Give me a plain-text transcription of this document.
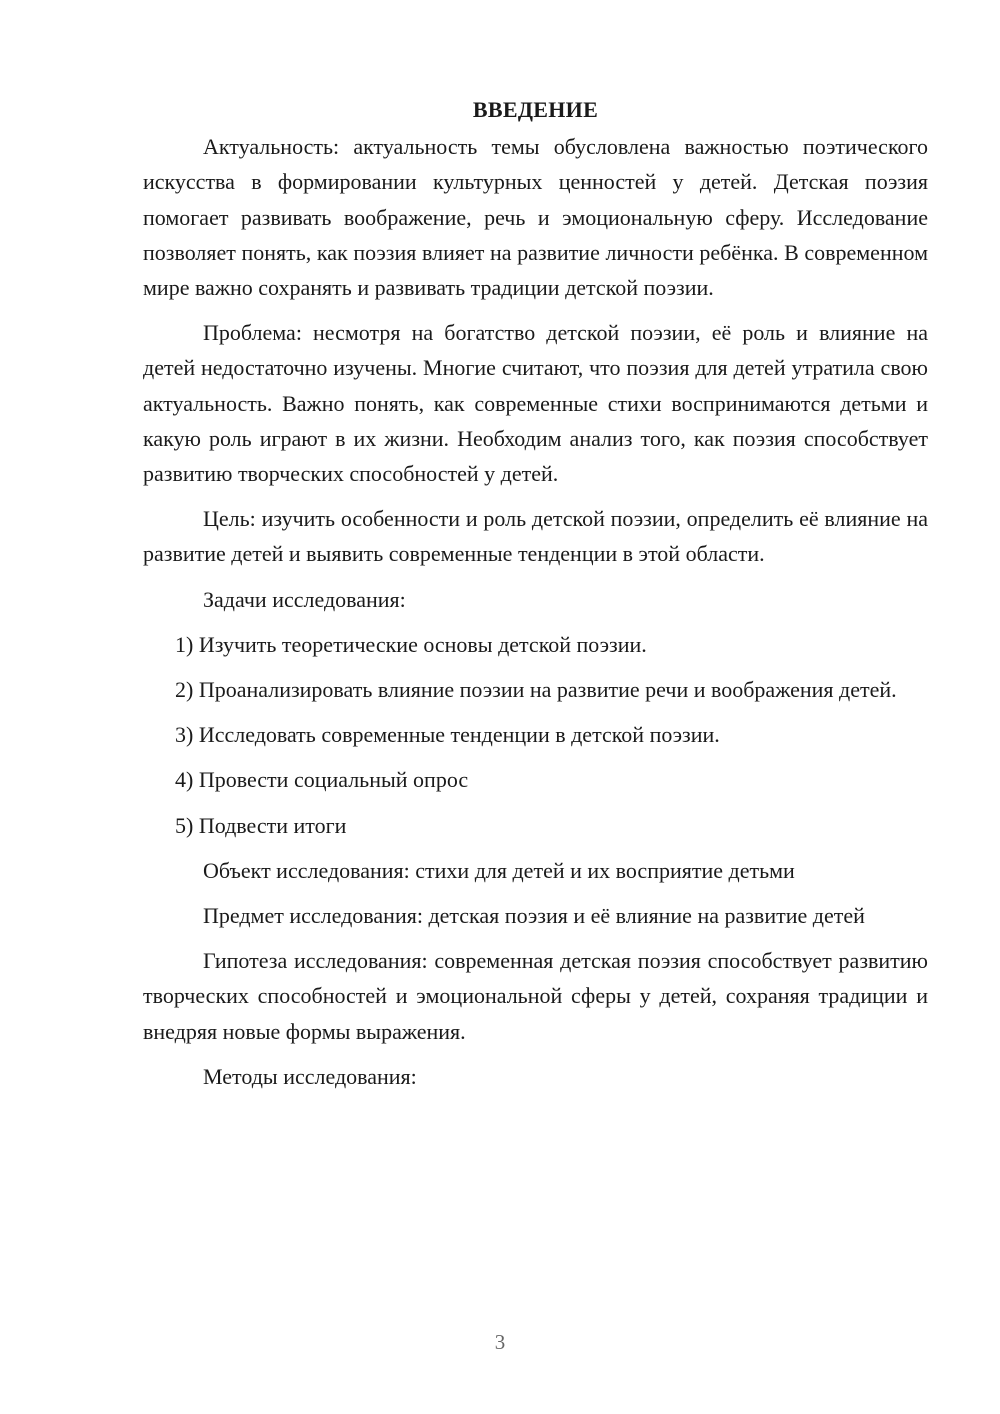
ВВЕДЕНИЕ

Актуальность: актуальность темы обусловлена важностью поэтического искусства в формировании культурных ценностей у детей. Детская поэзия помогает развивать воображение, речь и эмоциональную сферу. Исследование позволяет понять, как поэзия влияет на развитие личности ребёнка. В современном мире важно сохранять и развивать традиции детской поэзии.

Проблема: несмотря на богатство детской поэзии, её роль и влияние на детей недостаточно изучены. Многие считают, что поэзия для детей утратила свою актуальность. Важно понять, как современные стихи воспринимаются детьми и какую роль играют в их жизни. Необходим анализ того, как поэзия способствует развитию творческих способностей у детей.

Цель: изучить особенности и роль детской поэзии, определить её влияние на развитие детей и выявить современные тенденции в этой области.

Задачи исследования:

1) Изучить теоретические основы детской поэзии.

2) Проанализировать влияние поэзии на развитие речи и воображения детей.

3) Исследовать современные тенденции в детской поэзии.

4) Провести социальный опрос

5) Подвести итоги

Объект исследования: стихи для детей и их восприятие детьми

Предмет исследования: детская поэзия и её влияние на развитие детей

Гипотеза исследования: современная детская поэзия способствует развитию творческих способностей и эмоциональной сферы у детей, сохраняя традиции и внедряя новые формы выражения.

Методы исследования:

3
